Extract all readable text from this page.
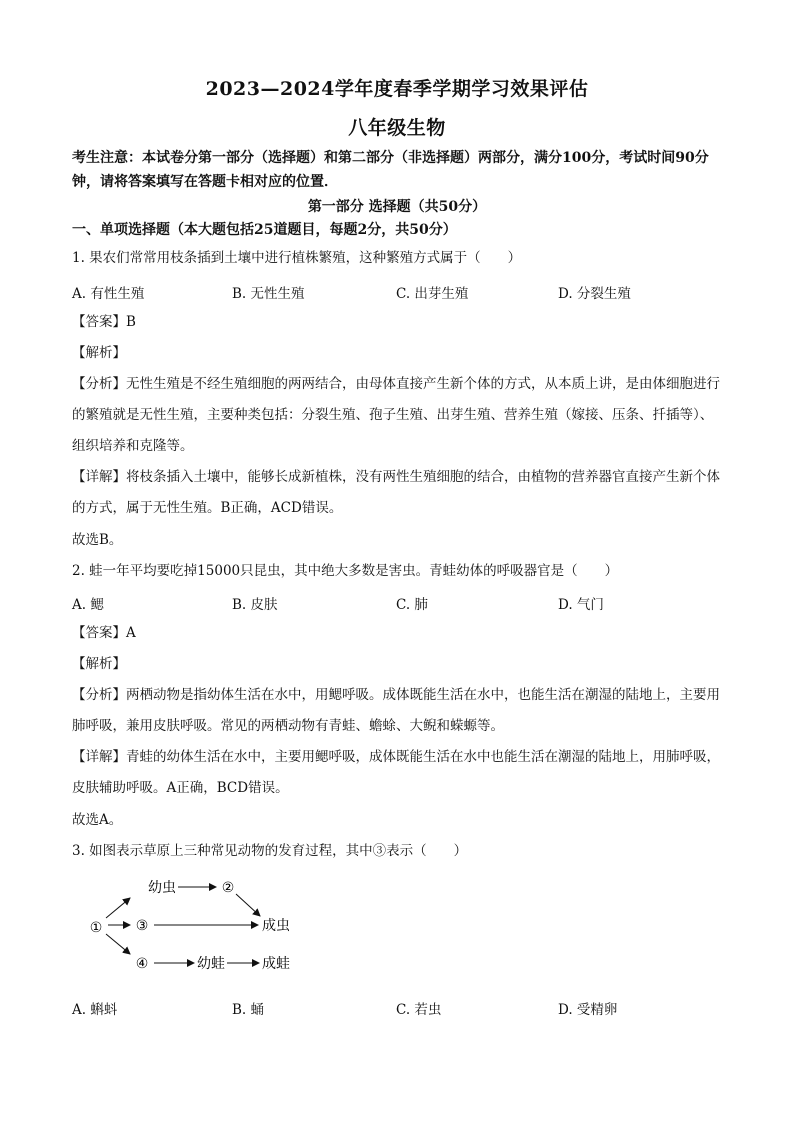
2023—2024学年度春季学期学习效果评估
八年级生物
考生注意：本试卷分第一部分（选择题）和第二部分（非选择题）两部分，满分100分，考试时间90分钟，请将答案填写在答题卡相对应的位置．
第一部分 选择题（共50分）
一、单项选择题（本大题包括25道题目，每题2分，共50分）
1. 果农们常常用枝条插到土壤中进行植株繁殖，这种繁殖方式属于（　　）
A. 有性生殖	B. 无性生殖	C. 出芽生殖	D. 分裂生殖
【答案】B
【解析】
【分析】无性生殖是不经生殖细胞的两两结合，由母体直接产生新个体的方式，从本质上讲，是由体细胞进行的繁殖就是无性生殖，主要种类包括：分裂生殖、孢子生殖、出芽生殖、营养生殖（嫁接、压条、扦插等）、组织培养和克隆等。
【详解】将枝条插入土壤中，能够长成新植株，没有两性生殖细胞的结合，由植物的营养器官直接产生新个体的方式，属于无性生殖。B正确，ACD错误。
故选B。
2. 蛙一年平均要吃掉15000只昆虫，其中绝大多数是害虫。青蛙幼体的呼吸器官是（　　）
A. 鳃	B. 皮肤	C. 肺	D. 气门
【答案】A
【解析】
【分析】两栖动物是指幼体生活在水中，用鳃呼吸。成体既能生活在水中，也能生活在潮湿的陆地上，主要用肺呼吸，兼用皮肤呼吸。常见的两栖动物有青蛙、蟾蜍、大鲵和蝾螈等。
【详解】青蛙的幼体生活在水中，主要用鳃呼吸，成体既能生活在水中也能生活在潮湿的陆地上，用肺呼吸，皮肤辅助呼吸。A正确，BCD错误。
故选A。
3. 如图表示草原上三种常见动物的发育过程，其中③表示（　　）
①
幼虫	②
③	成虫
④	幼蛙	成蛙
A. 蝌蚪	B. 蛹	C. 若虫	D. 受精卵
